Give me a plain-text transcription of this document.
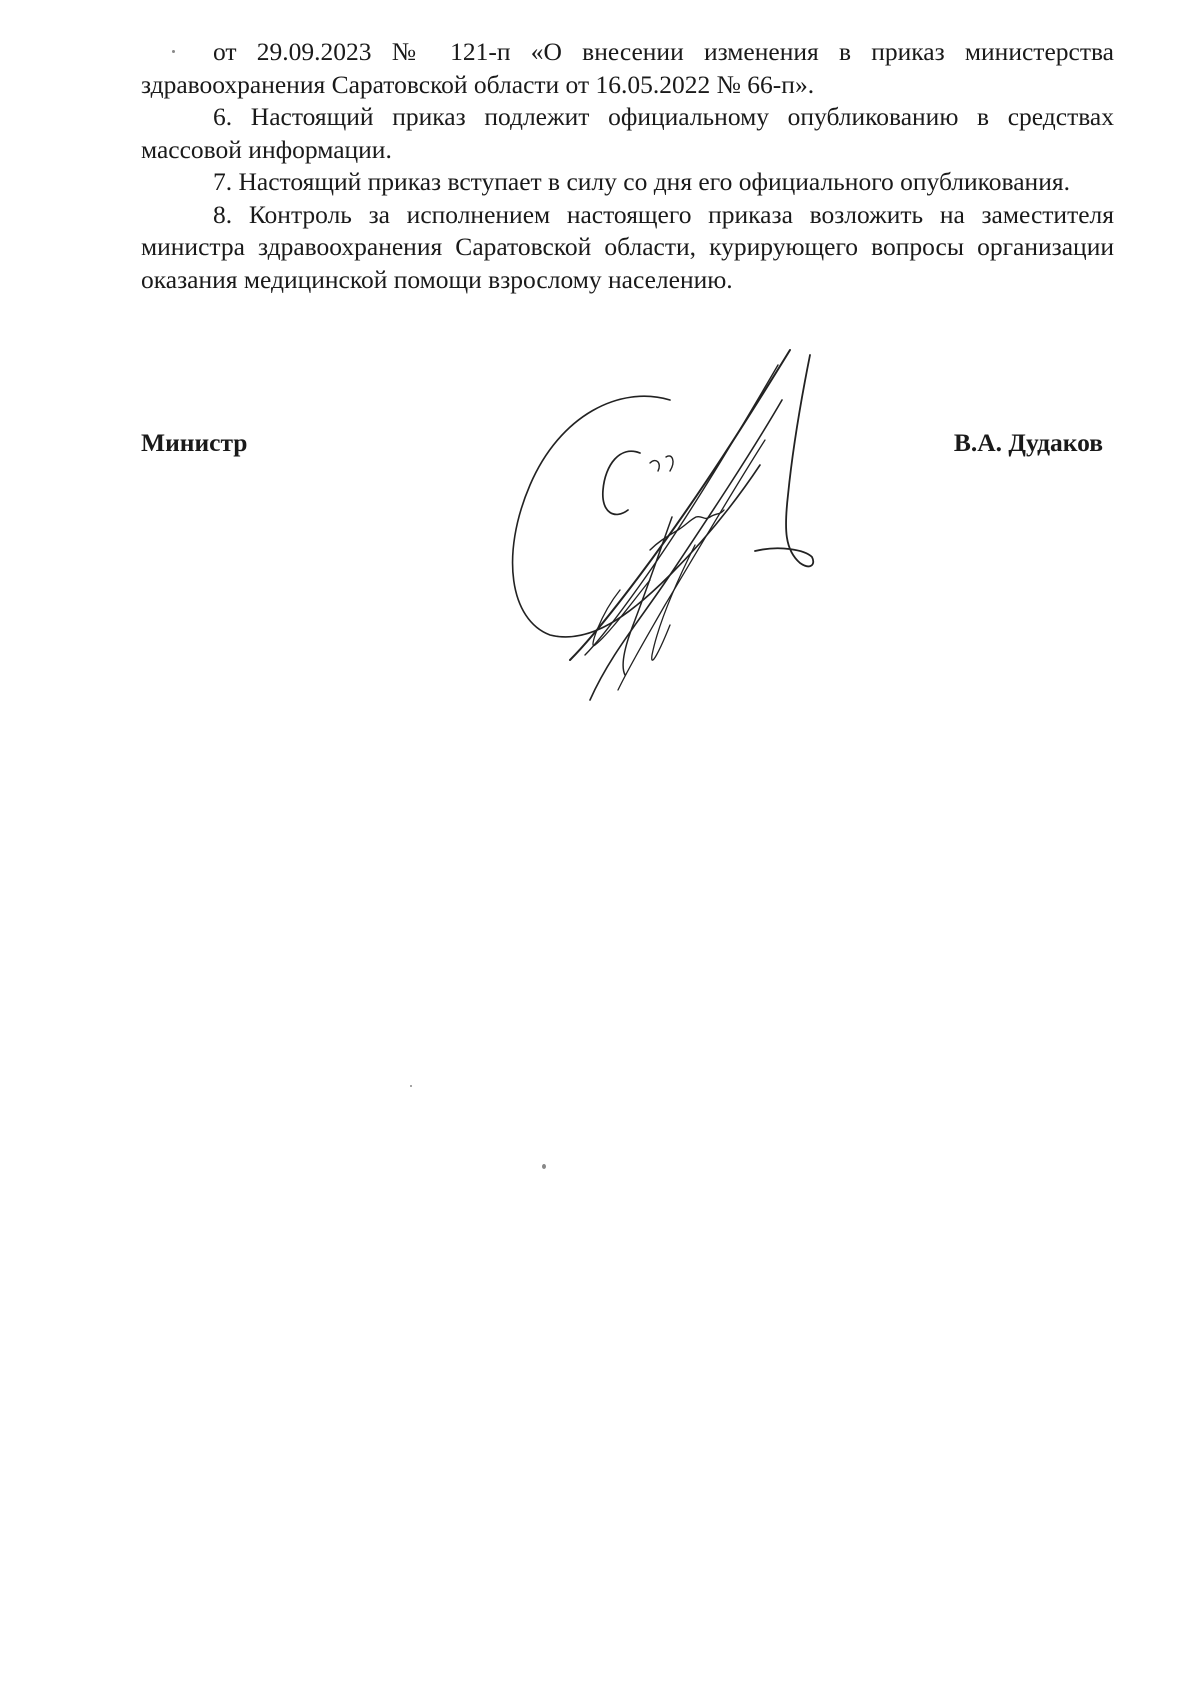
от 29.09.2023 № 121-п «О внесении изменения в приказ министерства здравоохранения Саратовской области от 16.05.2022 № 66-п».

6. Настоящий приказ подлежит официальному опубликованию в средствах массовой информации.

7. Настоящий приказ вступает в силу со дня его официального опубликования.

8. Контроль за исполнением настоящего приказа возложить на заместителя министра здравоохранения Саратовской области, курирующего вопросы организации оказания медицинской помощи взрослому населению.

Министр	В.А. Дудаков
